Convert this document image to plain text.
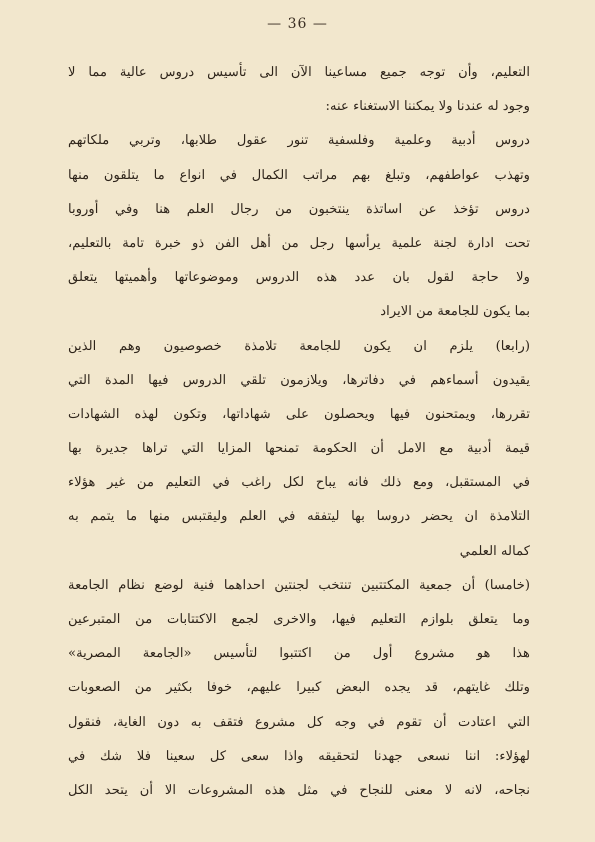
— 36 —
التعليم، وأن توجه جميع مساعينا الآن الى تأسيس دروس عالية مما لا
وجود له عندنا ولا يمكننا الاستغناء عنه:
دروس أدبية وعلمية وفلسفية تنور عقول طلابها، وتربي ملكاتهم
وتهذب عواطفهم، وتبلغ بهم مراتب الكمال في انواع ما يتلقون منها
دروس تؤخذ عن اساتذة ينتخبون من رجال العلم هنا وفي أوروبا
تحت ادارة لجنة علمية يرأسها رجل من أهل الفن ذو خبرة تامة بالتعليم،
ولا حاجة لقول بان عدد هذه الدروس وموضوعاتها وأهميتها يتعلق
بما يكون للجامعة من الايراد
(رابعا) يلزم ان يكون للجامعة تلامذة خصوصيون وهم الذين
يقيدون أسماءهم في دفاترها، ويلازمون تلقي الدروس فيها المدة التي
تقررها، ويمتحنون فيها ويحصلون على شهاداتها، وتكون لهذه الشهادات
قيمة أدبية مع الامل أن الحكومة تمنحها المزايا التي تراها جديرة بها
في المستقبل، ومع ذلك فانه يباح لكل راغب في التعليم من غير هؤلاء
التلامذة ان يحضر دروسا بها ليتفقه في العلم وليقتبس منها ما يتمم به
كماله العلمي
(خامسا) أن جمعية المكتتبين تنتخب لجنتين احداهما فنية لوضع نظام الجامعة
وما يتعلق بلوازم التعليم فيها، والاخرى لجمع الاكتتابات من المتبرعين
هذا هو مشروع أول من اكتتبوا لتأسيس «الجامعة المصرية»
وتلك غايتهم، قد يجده البعض كبيرا عليهم، خوفا بكثير من الصعوبات
التي اعتادت أن تقوم في وجه كل مشروع فتقف به دون الغاية، فنقول
لهؤلاء: اننا نسعى جهدنا لتحقيقه واذا سعى كل سعينا فلا شك في
نجاحه، لانه لا معنى للنجاح في مثل هذه المشروعات الا أن يتحد الكل
